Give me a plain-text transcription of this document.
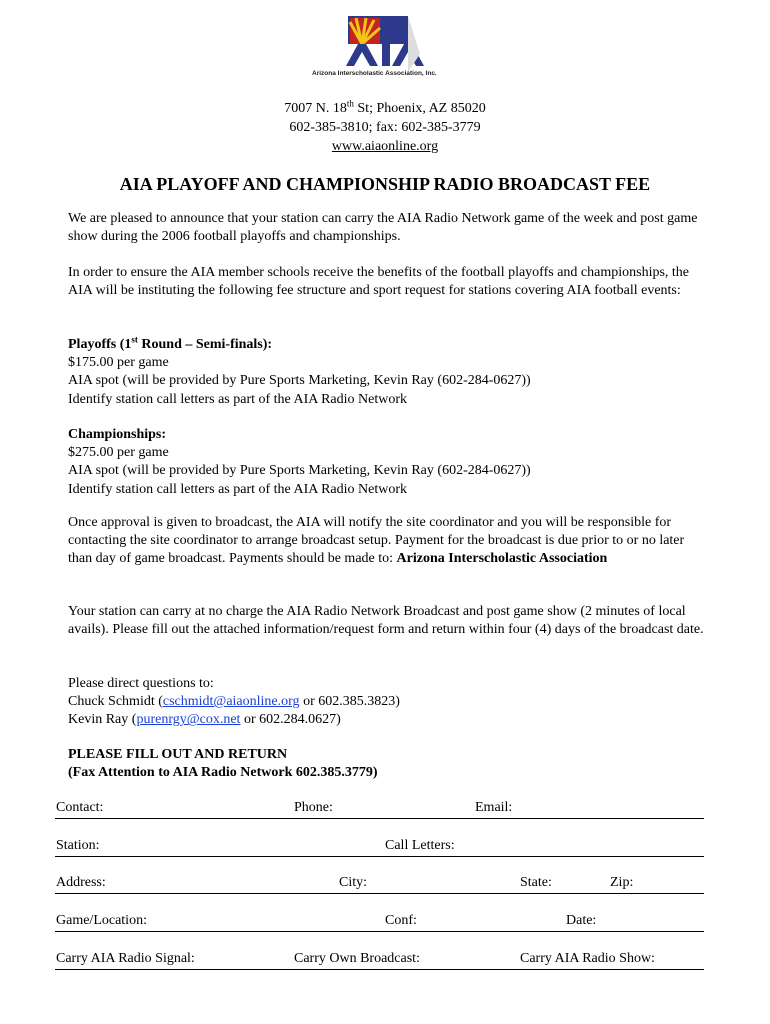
Arizona Interscholastic Association, Inc.
7007 N. 18th St; Phoenix, AZ 85020
602-385-3810; fax: 602-385-3779
www.aiaonline.org
AIA PLAYOFF AND CHAMPIONSHIP RADIO BROADCAST FEE
We are pleased to announce that your station can carry the AIA Radio Network game of the week and post game show during the 2006 football playoffs and championships.
In order to ensure the AIA member schools receive the benefits of the football playoffs and championships, the AIA will be instituting the following fee structure and sport request for stations covering AIA football events:
Playoffs (1st Round – Semi-finals):
$175.00 per game
AIA spot (will be provided by Pure Sports Marketing, Kevin Ray (602-284-0627))
Identify station call letters as part of the AIA Radio Network
Championships:
$275.00 per game
AIA spot (will be provided by Pure Sports Marketing, Kevin Ray (602-284-0627))
Identify station call letters as part of the AIA Radio Network
Once approval is given to broadcast, the AIA will notify the site coordinator and you will be responsible for contacting the site coordinator to arrange broadcast setup. Payment for the broadcast is due prior to or no later than day of game broadcast. Payments should be made to: Arizona Interscholastic Association
Your station can carry at no charge the AIA Radio Network Broadcast and post game show (2 minutes of local avails). Please fill out the attached information/request form and return within four (4) days of the broadcast date.
Please direct questions to:
Chuck Schmidt (cschmidt@aiaonline.org or 602.385.3823)
Kevin Ray (purenrgy@cox.net or 602.284.0627)
PLEASE FILL OUT AND RETURN
(Fax Attention to AIA Radio Network 602.385.3779)
Contact:	Phone:	Email:
Station:	Call Letters:
Address:	City:	State:	Zip:
Game/Location:	Conf:	Date:
Carry AIA Radio Signal:	Carry Own Broadcast:	Carry AIA Radio Show:
